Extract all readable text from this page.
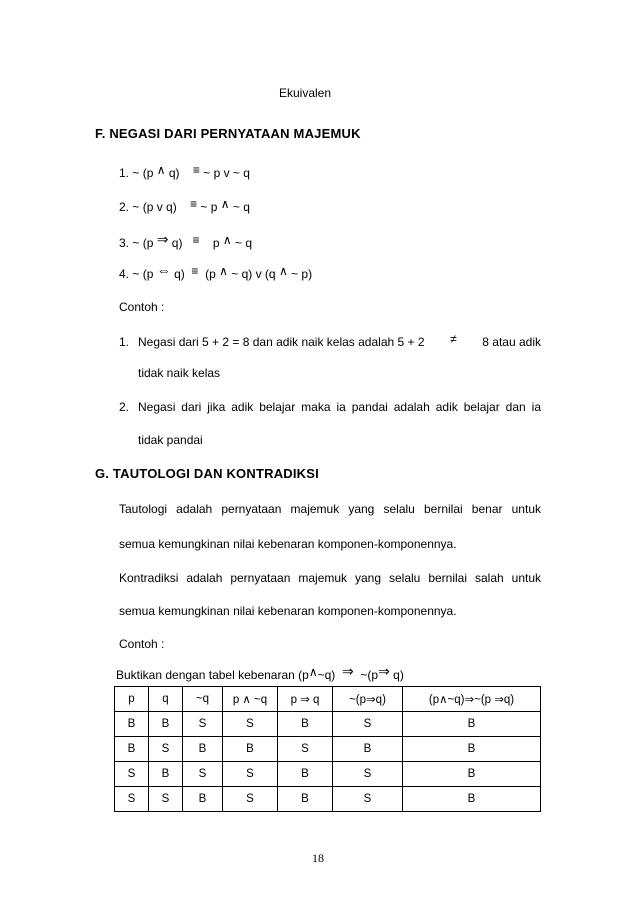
Ekuivalen
F. NEGASI DARI PERNYATAAN MAJEMUK
1. ~ (p ∧ q) ≡ ~ p v ~ q
2. ~ (p v q) ≡ ~ p ∧ ~ q
3. ~ (p ⇒ q) ≡ p ∧ ~ q
4. ~ (p ⇔ q) ≡ (p ∧ ~ q) v (q ∧ ~ p)
Contoh :
1. Negasi dari 5 + 2 = 8 dan adik naik kelas adalah 5 + 2 ≠ 8 atau adik
tidak naik kelas
2. Negasi dari jika adik belajar maka ia pandai adalah adik belajar dan ia
tidak pandai
G. TAUTOLOGI DAN KONTRADIKSI
Tautologi adalah pernyataan majemuk yang selalu bernilai benar untuk
semua kemungkinan nilai kebenaran komponen-komponennya.
Kontradiksi adalah pernyataan majemuk yang selalu bernilai salah untuk
semua kemungkinan nilai kebenaran komponen-komponennya.
Contoh :
Buktikan dengan tabel kebenaran (p∧~q) ⇒ ~(p⇒ q)
p	q	~q	p ∧ ~q	p ⇒ q	~(p⇒q)	(p∧~q)⇒~(p ⇒q)
B	B	S	S	B	S	B
B	S	B	B	S	B	B
S	B	S	S	B	S	B
S	S	B	S	B	S	B
18
